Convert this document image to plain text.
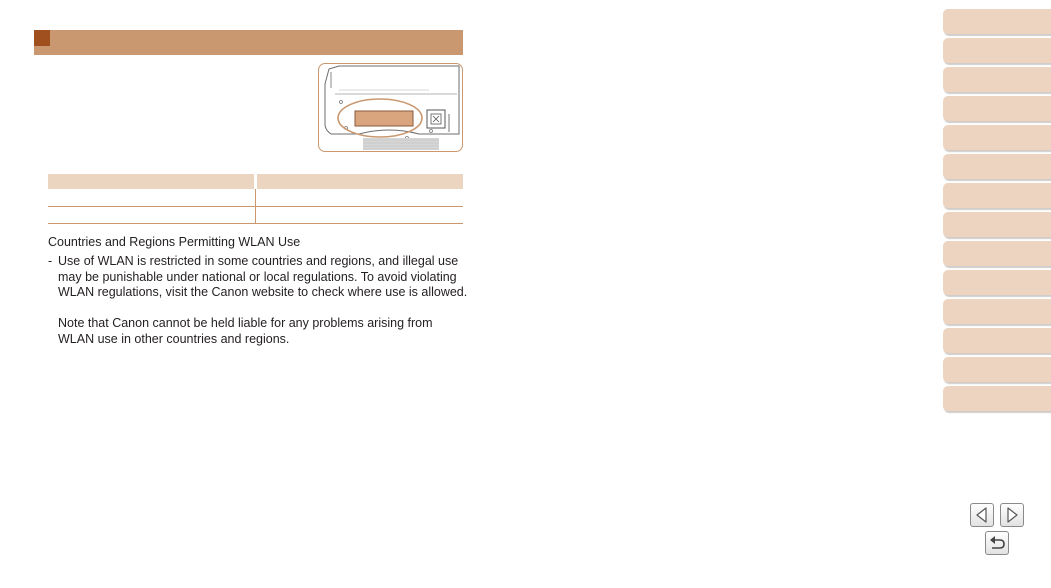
Countries and Regions Permitting WLAN Use
- Use of WLAN is restricted in some countries and regions, and illegal use may be punishable under national or local regulations. To avoid violating WLAN regulations, visit the Canon website to check where use is allowed.

Note that Canon cannot be held liable for any problems arising from WLAN use in other countries and regions.
